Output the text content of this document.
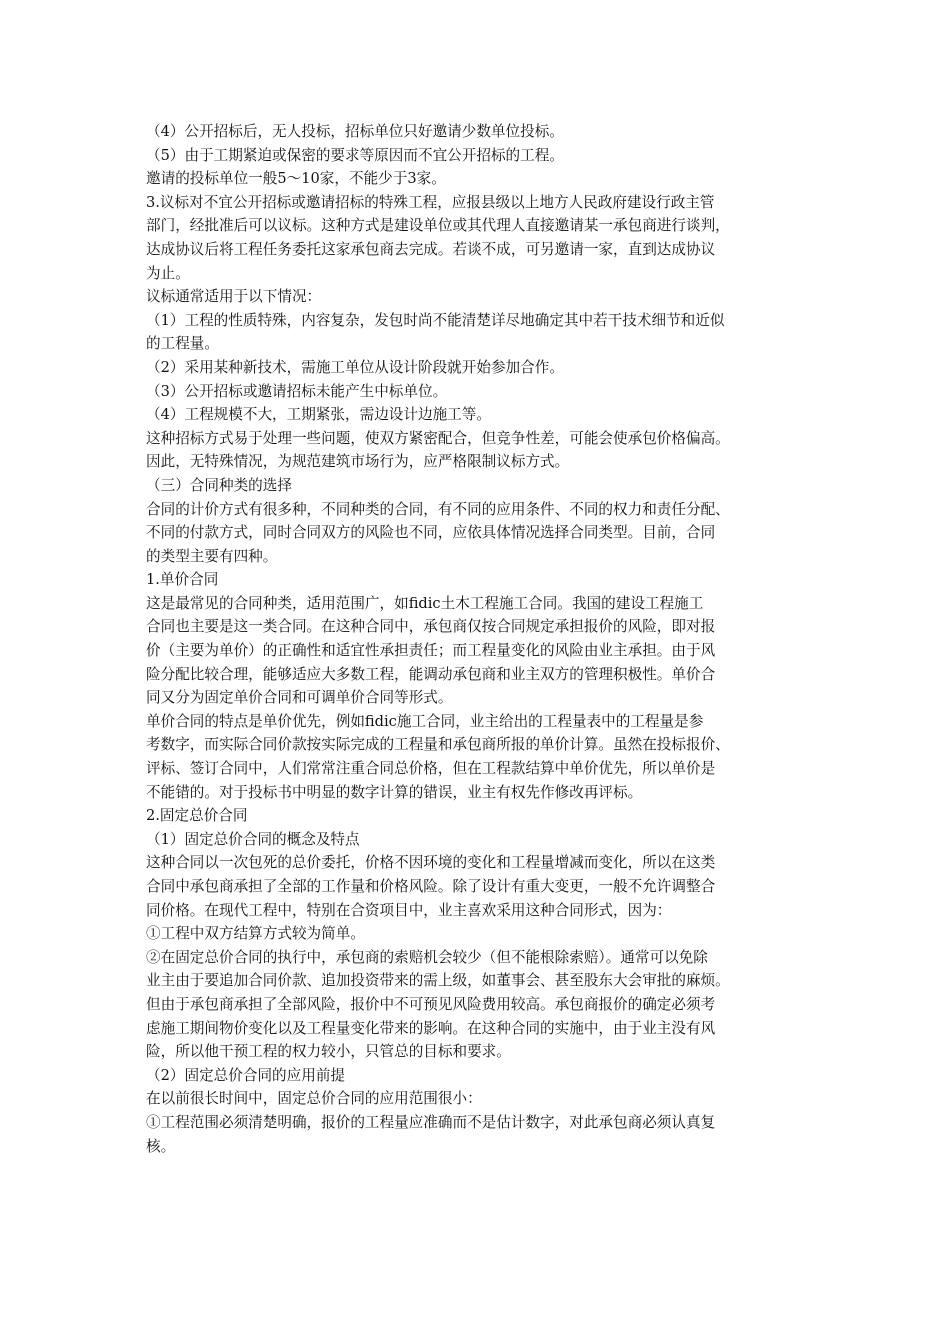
（4）公开招标后，无人投标，招标单位只好邀请少数单位投标。

（5）由于工期紧迫或保密的要求等原因而不宜公开招标的工程。

邀请的投标单位一般5～10家，不能少于3家。

3.议标对不宜公开招标或邀请招标的特殊工程，应报县级以上地方人民政府建设行政主管

部门，经批准后可以议标。这种方式是建设单位或其代理人直接邀请某一承包商进行谈判，

达成协议后将工程任务委托这家承包商去完成。若谈不成，可另邀请一家，直到达成协议

为止。

议标通常适用于以下情况：

（1）工程的性质特殊，内容复杂，发包时尚不能清楚详尽地确定其中若干技术细节和近似

的工程量。

（2）采用某种新技术，需施工单位从设计阶段就开始参加合作。

（3）公开招标或邀请招标未能产生中标单位。

（4）工程规模不大，工期紧张，需边设计边施工等。

这种招标方式易于处理一些问题，使双方紧密配合，但竞争性差，可能会使承包价格偏高。

因此，无特殊情况，为规范建筑市场行为，应严格限制议标方式。

（三）合同种类的选择

合同的计价方式有很多种，不同种类的合同，有不同的应用条件、不同的权力和责任分配、

不同的付款方式，同时合同双方的风险也不同，应依具体情况选择合同类型。目前，合同

的类型主要有四种。

1.单价合同

这是最常见的合同种类，适用范围广，如fidic土木工程施工合同。我国的建设工程施工

合同也主要是这一类合同。在这种合同中，承包商仅按合同规定承担报价的风险，即对报

价（主要为单价）的正确性和适宜性承担责任；而工程量变化的风险由业主承担。由于风

险分配比较合理，能够适应大多数工程，能调动承包商和业主双方的管理积极性。单价合

同又分为固定单价合同和可调单价合同等形式。

单价合同的特点是单价优先，例如fidic施工合同，业主给出的工程量表中的工程量是参

考数字，而实际合同价款按实际完成的工程量和承包商所报的单价计算。虽然在投标报价、

评标、签订合同中，人们常常注重合同总价格，但在工程款结算中单价优先，所以单价是

不能错的。对于投标书中明显的数字计算的错误，业主有权先作修改再评标。

2.固定总价合同

（1）固定总价合同的概念及特点

这种合同以一次包死的总价委托，价格不因环境的变化和工程量增减而变化，所以在这类

合同中承包商承担了全部的工作量和价格风险。除了设计有重大变更，一般不允许调整合

同价格。在现代工程中，特别在合资项目中，业主喜欢采用这种合同形式，因为：

①工程中双方结算方式较为简单。

②在固定总价合同的执行中，承包商的索赔机会较少（但不能根除索赔）。通常可以免除

业主由于要追加合同价款、追加投资带来的需上级，如董事会、甚至股东大会审批的麻烦。

但由于承包商承担了全部风险，报价中不可预见风险费用较高。承包商报价的确定必须考

虑施工期间物价变化以及工程量变化带来的影响。在这种合同的实施中，由于业主没有风

险，所以他干预工程的权力较小，只管总的目标和要求。

（2）固定总价合同的应用前提

在以前很长时间中，固定总价合同的应用范围很小：

①工程范围必须清楚明确，报价的工程量应准确而不是估计数字，对此承包商必须认真复

核。
